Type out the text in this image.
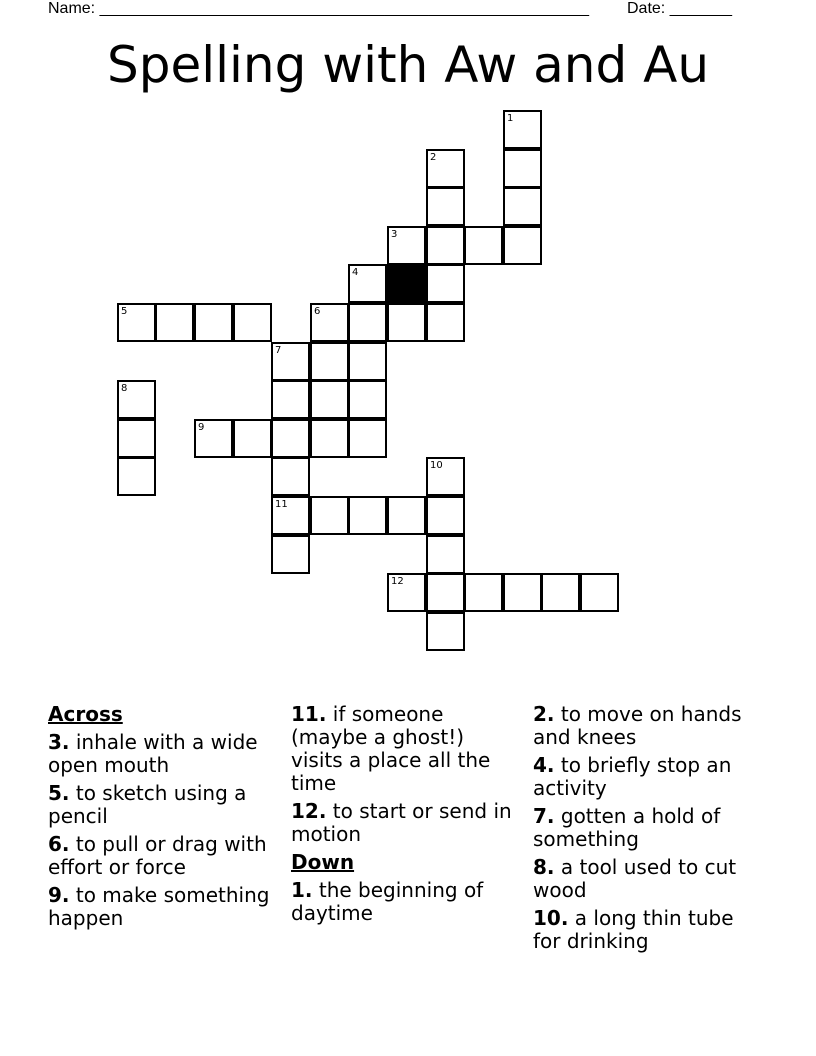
Name: _______________________________________________________ Date: _______
Spelling with Aw and Au
1
2
3
4
5	6
7
8
9
10
11
12
Across
3. inhale with a wide open mouth
5. to sketch using a pencil
6. to pull or drag with effort or force
9. to make something happen
11. if someone (maybe a ghost!) visits a place all the time
12. to start or send in motion
Down
1. the beginning of daytime
2. to move on hands and knees
4. to briefly stop an activity
7. gotten a hold of something
8. a tool used to cut wood
10. a long thin tube for drinking
